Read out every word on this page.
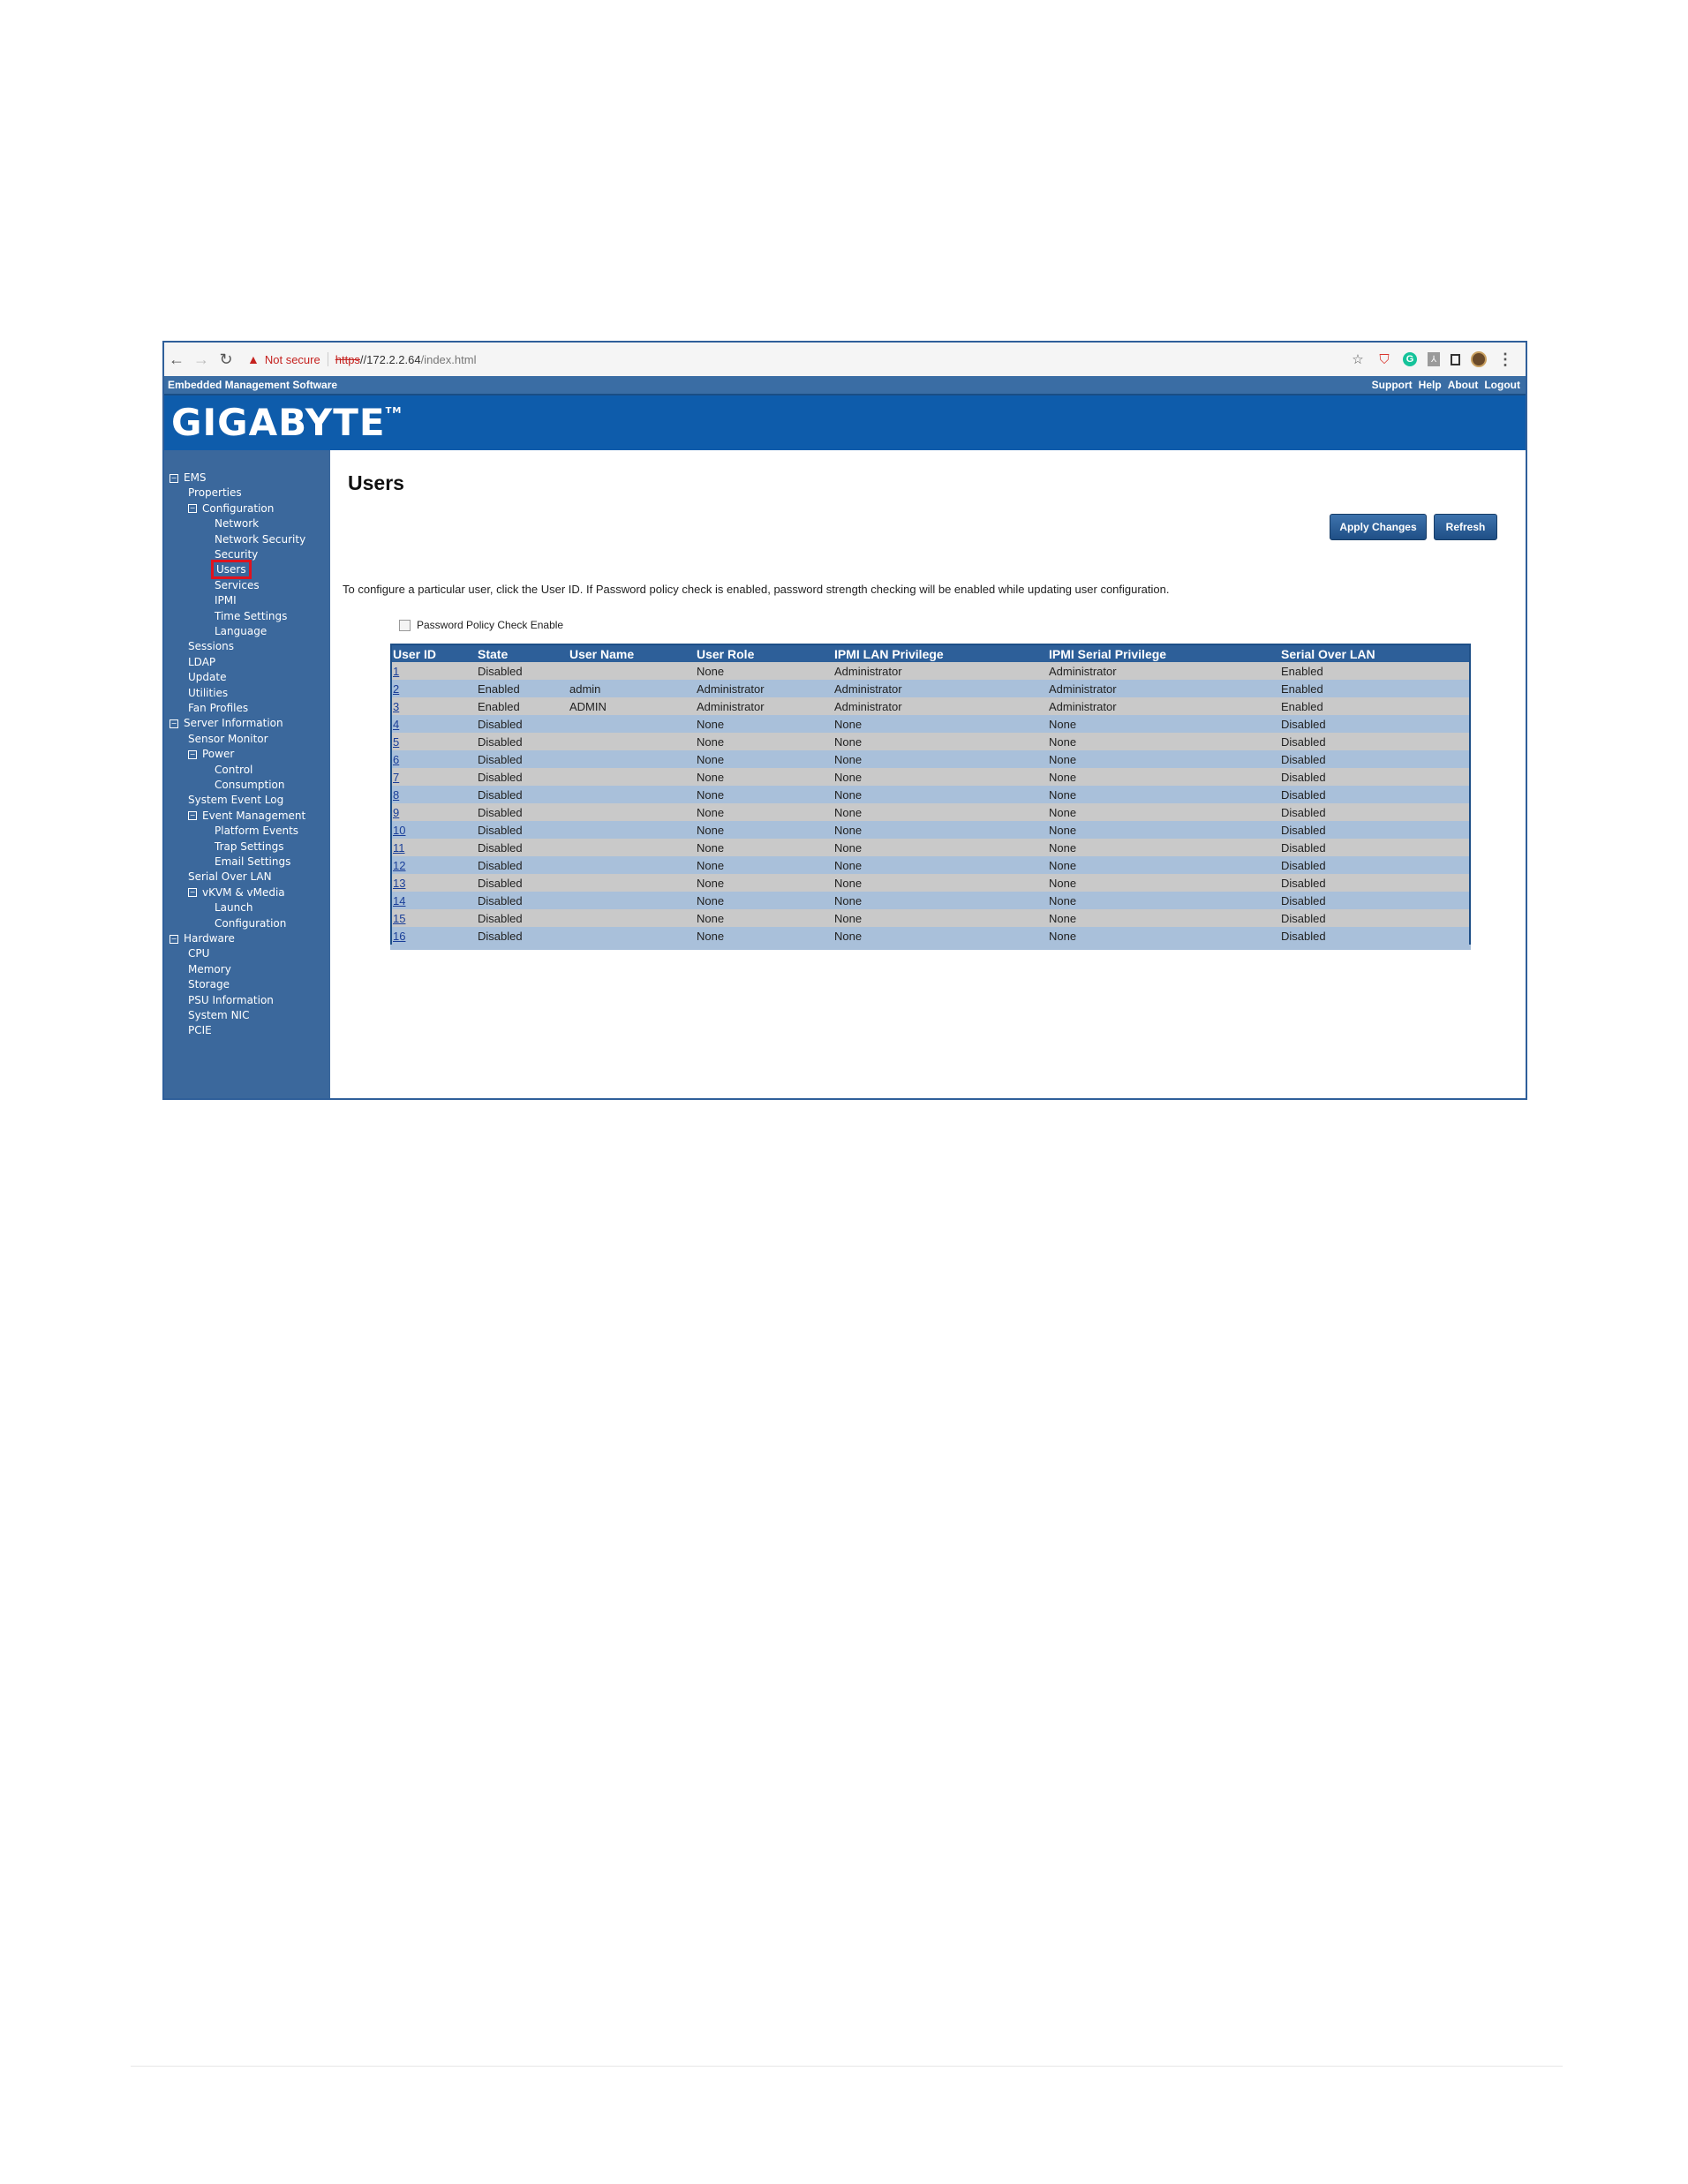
← → ↻	▲ Not secure https//172.2.2.64/index.html	☆ ⛉	G	⅄	⋮
Embedded Management Software	Support Help About Logout
GIGABYTE™
− EMS
Properties
− Configuration
Network
Network Security
Security
Users
Services
IPMI
Time Settings
Language
Sessions
LDAP
Update
Utilities
Fan Profiles
− Server Information
Sensor Monitor
− Power
Control
Consumption
System Event Log
− Event Management
Platform Events
Trap Settings
Email Settings
Serial Over LAN
− vKVM & vMedia
Launch
Configuration
− Hardware
CPU
Memory
Storage
PSU Information
System NIC
PCIE
Users
Apply Changes	Refresh
To configure a particular user, click the User ID. If Password policy check is enabled, password strength checking will be enabled while updating user configuration.
Password Policy Check Enable
User ID	State	User Name	User Role	IPMI LAN Privilege	IPMI Serial Privilege	Serial Over LAN
1	Disabled		None	Administrator	Administrator	Enabled
2	Enabled	admin	Administrator	Administrator	Administrator	Enabled
3	Enabled	ADMIN	Administrator	Administrator	Administrator	Enabled
4	Disabled		None	None	None	Disabled
5	Disabled		None	None	None	Disabled
6	Disabled		None	None	None	Disabled
7	Disabled		None	None	None	Disabled
8	Disabled		None	None	None	Disabled
9	Disabled		None	None	None	Disabled
10	Disabled		None	None	None	Disabled
11	Disabled		None	None	None	Disabled
12	Disabled		None	None	None	Disabled
13	Disabled		None	None	None	Disabled
14	Disabled		None	None	None	Disabled
15	Disabled		None	None	None	Disabled
16	Disabled		None	None	None	Disabled
